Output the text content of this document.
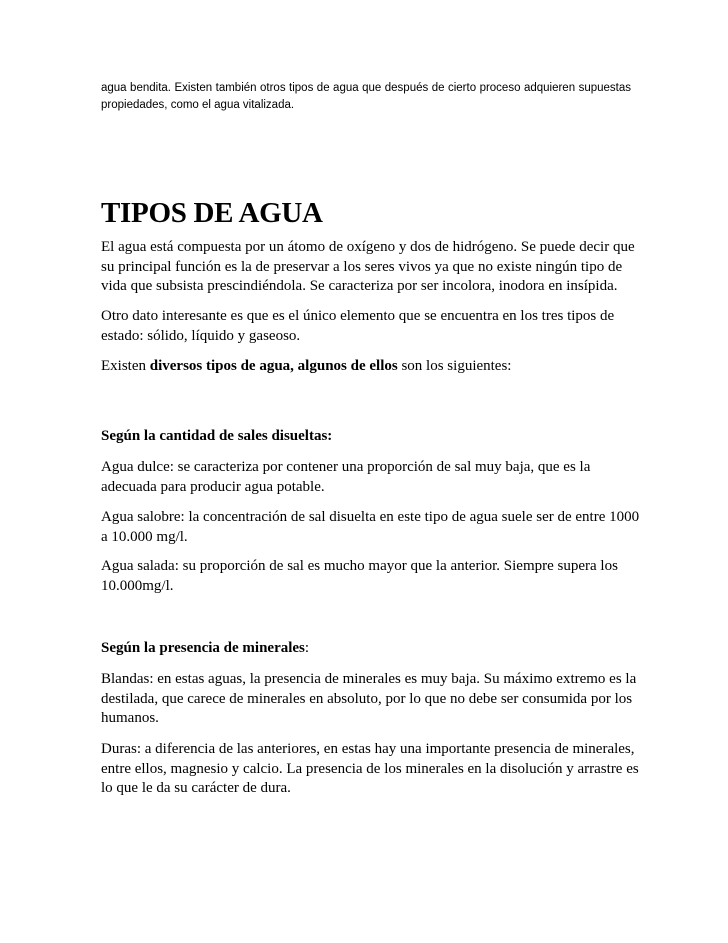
agua bendita. Existen también otros tipos de agua que después de cierto proceso adquieren supuestas propiedades, como el agua vitalizada.

TIPOS DE AGUA

El agua está compuesta por un átomo de oxígeno y dos de hidrógeno. Se puede decir que su principal función es la de preservar a los seres vivos ya que no existe ningún tipo de vida que subsista prescindiéndola. Se caracteriza por ser incolora, inodora en insípida.

Otro dato interesante es que es el único elemento que se encuentra en los tres tipos de estado: sólido, líquido y gaseoso.

Existen diversos tipos de agua, algunos de ellos son los siguientes:

Según la cantidad de sales disueltas:

Agua dulce: se caracteriza por contener una proporción de sal muy baja, que es la adecuada para producir agua potable.

Agua salobre: la concentración de sal disuelta en este tipo de agua suele ser de entre 1000 a 10.000 mg/l.

Agua salada: su proporción de sal es mucho mayor que la anterior. Siempre supera los 10.000mg/l.

Según la presencia de minerales:

Blandas: en estas aguas, la presencia de minerales es muy baja. Su máximo extremo es la destilada, que carece de minerales en absoluto, por lo que no debe ser consumida por los humanos.

Duras: a diferencia de las anteriores, en estas hay una importante presencia de minerales, entre ellos, magnesio y calcio. La presencia de los minerales en la disolución y arrastre es lo que le da su carácter de dura.
